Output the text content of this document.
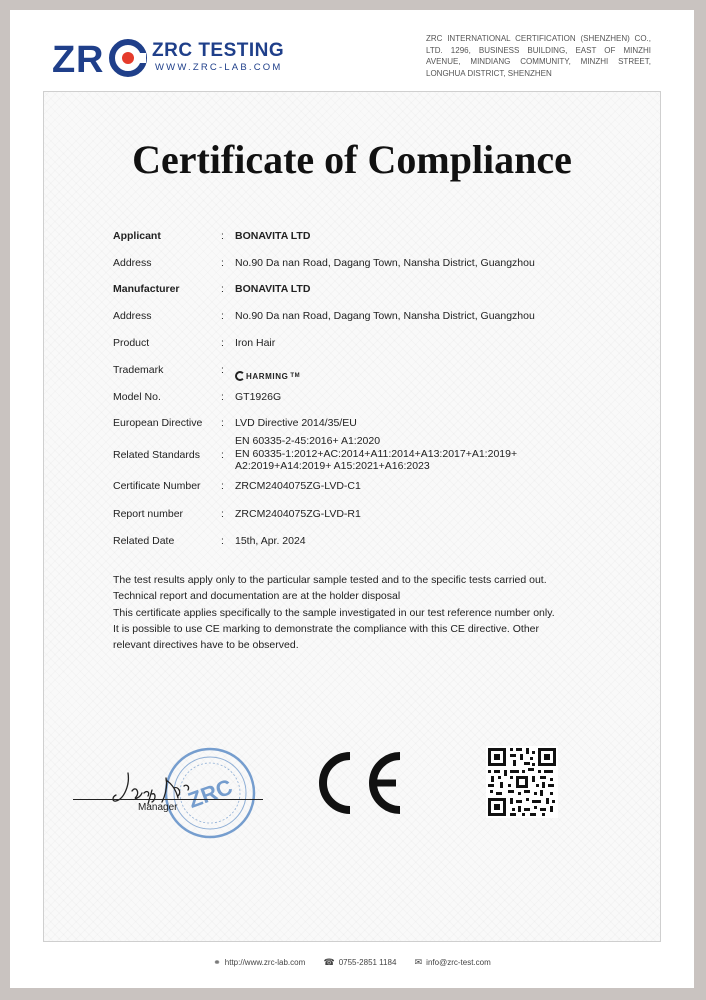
Z R	ZRC TESTING
WWW.ZRC-LAB.COM
ZRC INTERNATIONAL CERTIFICATION (SHENZHEN) CO., LTD. 1296, BUSINESS BUILDING, EAST OF MINZHI AVENUE, MINDIANG COMMUNITY, MINZHI STREET, LONGHUA DISTRICT, SHENZHEN
Certificate of Compliance
Applicant	: BONAVITA LTD
Address	: No.90 Da nan Road, Dagang Town, Nansha District, Guangzhou
Manufacturer	: BONAVITA LTD
Address	: No.90 Da nan Road, Dagang Town, Nansha District, Guangzhou
Product	: Iron Hair
Trademark	:	HARMING TM
Model No.	: GT1926G
European Directive : LVD Directive 2014/35/EU
Related Standards :
EN 60335-2-45:2016+ A1:2020
EN 60335-1:2012+AC:2014+A11:2014+A13:2017+A1:2019+
A2:2019+A14:2019+ A15:2021+A16:2023
Certificate Number : ZRCM2404075ZG-LVD-C1
Report number	: ZRCM2404075ZG-LVD-R1
Related Date	: 15th, Apr. 2024

The test results apply only to the particular sample tested and to the specific tests carried out.

Technical report and documentation are at the holder disposal

This certificate applies specifically to the sample investigated in our test reference number only.

It is possible to use CE marking to demonstrate the compliance with this CE directive. Other

relevant directives have to be observed.

ZRC
Manager
⚭ http://www.zrc-lab.com ☎ 0755-2851 1184 ✉ info@zrc-test.com
